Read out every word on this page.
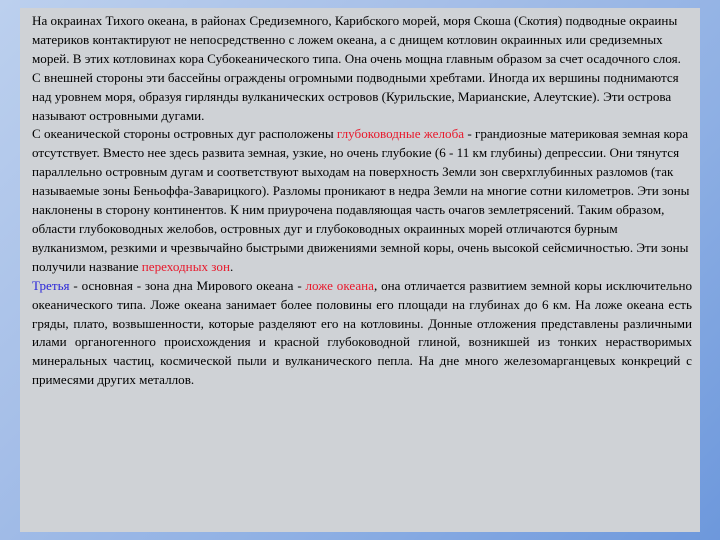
На окраинах Тихого океана, в районах Средиземного, Карибского морей, моря Скоша (Скотия) подводные окраины материков контактируют не непосредственно с ложем океана, а с днищем котловин окраинных или средиземных морей. В этих котловинах кора Субокеанического типа. Она очень мощна главным образом за счет осадочного слоя. С внешней стороны эти бассейны ограждены огромными подводными хребтами. Иногда их вершины поднимаются над уровнем моря, образуя гирлянды вулканических островов (Курильские, Марианские, Алеутские). Эти острова называют островными дугами.

С океанической стороны островных дуг расположены глубоководные желоба - грандиозные материковая земная кора отсутствует. Вместо нее здесь развита земная, узкие, но очень глубокие (6 - 11 км глубины) депрессии. Они тянутся параллельно островным дугам и соответствуют выходам на поверхность Земли зон сверхглубинных разломов (так называемые зоны Беньоффа-Заварицкого). Разломы проникают в недра Земли на многие сотни километров. Эти зоны наклонены в сторону континентов. К ним приурочена подавляющая часть очагов землетрясений. Таким образом, области глубоководных желобов, островных дуг и глубоководных окраинных морей отличаются бурным вулканизмом, резкими и чрезвычайно быстрыми движениями земной коры, очень высокой сейсмичностью. Эти зоны получили название переходных зон.

Третья - основная - зона дна Мирового океана - ложе океана, она отличается развитием земной коры исключительно океанического типа. Ложе океана занимает более половины его площади на глубинах до 6 км. На ложе океана есть гряды, плато, возвышенности, которые разделяют его на котловины. Донные отложения представлены различными илами органогенного происхождения и красной глубоководной глиной, возникшей из тонких нерастворимых минеральных частиц, космической пыли и вулканического пепла. На дне много железомарганцевых конкреций с примесями других металлов.
